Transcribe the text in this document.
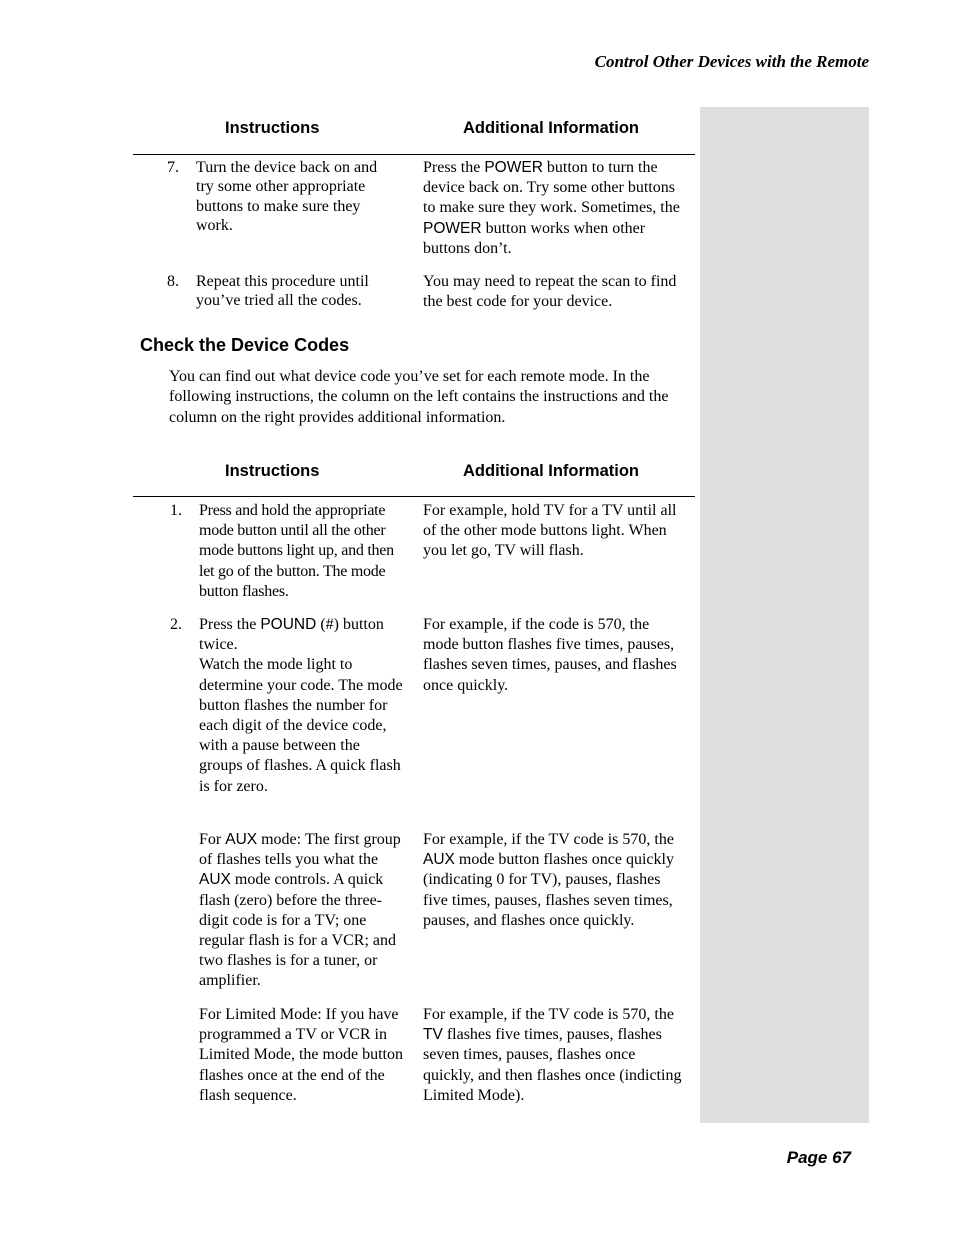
Control Other Devices with the Remote
Instructions	Additional Information
7. Turn the device back on and try some other appropriate buttons to make sure they work.
Press the POWER button to turn the device back on. Try some other buttons to make sure they work. Sometimes, the POWER button works when other buttons don’t.
8. Repeat this procedure until you’ve tried all the codes.
You may need to repeat the scan to find the best code for your device.
Check the Device Codes
You can find out what device code you’ve set for each remote mode. In the following instructions, the column on the left contains the instructions and the column on the right provides additional information.
Instructions	Additional Information
1. Press and hold the appropriate mode button until all the other mode buttons light up, and then let go of the button. The mode button flashes.
For example, hold TV for a TV until all of the other mode buttons light. When you let go, TV will flash.
2. Press the POUND (#) button twice.
Watch the mode light to determine your code. The mode button flashes the number for each digit of the device code, with a pause between the groups of flashes. A quick flash is for zero.
For example, if the code is 570, the mode button flashes five times, pauses, flashes seven times, pauses, and flashes once quickly.
For AUX mode: The first group of flashes tells you what the AUX mode controls. A quick flash (zero) before the three-digit code is for a TV; one regular flash is for a VCR; and two flashes is for a tuner, or amplifier.
For example, if the TV code is 570, the AUX mode button flashes once quickly (indicating 0 for TV), pauses, flashes five times, pauses, flashes seven times, pauses, and flashes once quickly.
For Limited Mode: If you have programmed a TV or VCR in Limited Mode, the mode button flashes once at the end of the flash sequence.
For example, if the TV code is 570, the TV flashes five times, pauses, flashes seven times, pauses, flashes once quickly, and then flashes once (indicting Limited Mode).
Page 67
